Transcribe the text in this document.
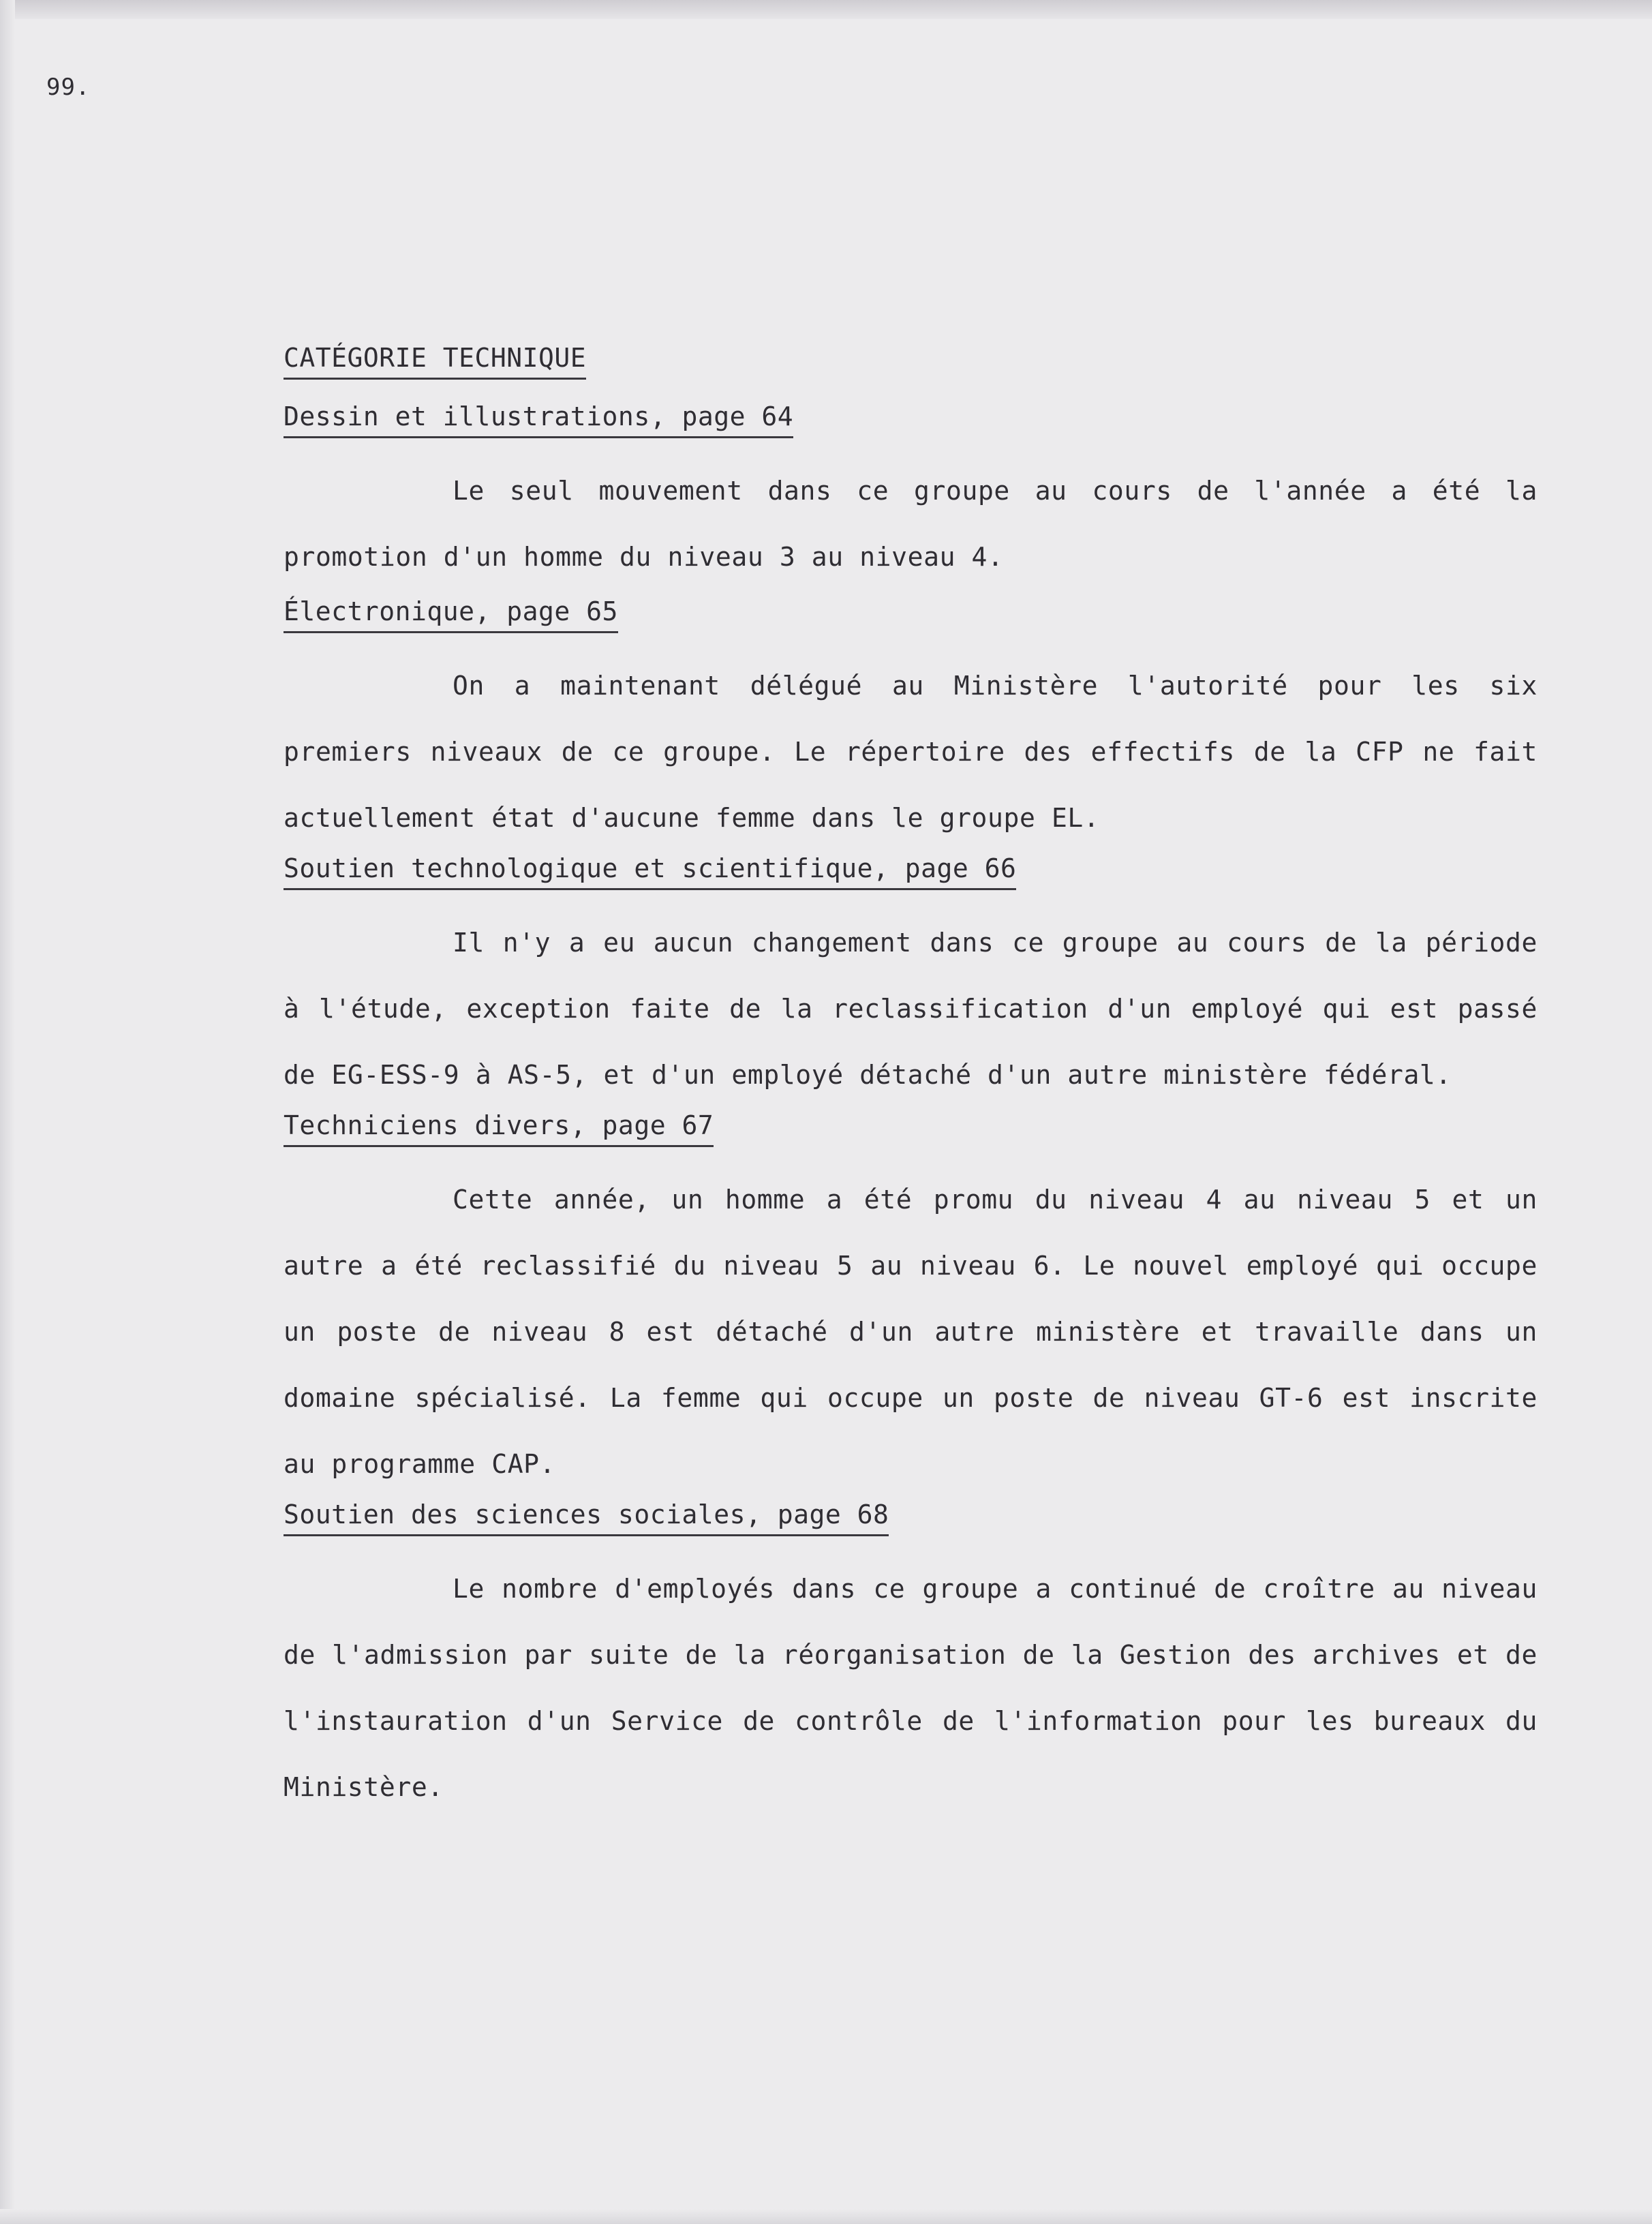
99.
CATÉGORIE TECHNIQUE
Dessin et illustrations, page 64

Le seul mouvement dans ce groupe au cours de l'année a été la promotion d'un homme du niveau 3 au niveau 4.

Électronique, page 65

On a maintenant délégué au Ministère l'autorité pour les six premiers niveaux de ce groupe. Le répertoire des effectifs de la CFP ne fait actuellement état d'aucune femme dans le groupe EL.

Soutien technologique et scientifique, page 66

Il n'y a eu aucun changement dans ce groupe au cours de la période à l'étude, exception faite de la reclassification d'un employé qui est passé de EG-ESS-9 à AS-5, et d'un employé détaché d'un autre ministère fédéral.

Techniciens divers, page 67

Cette année, un homme a été promu du niveau 4 au niveau 5 et un autre a été reclassifié du niveau 5 au niveau 6. Le nouvel employé qui occupe un poste de niveau 8 est détaché d'un autre ministère et travaille dans un domaine spécialisé. La femme qui occupe un poste de niveau GT-6 est inscrite au programme CAP.

Soutien des sciences sociales, page 68

Le nombre d'employés dans ce groupe a continué de croître au niveau de l'admission par suite de la réorganisation de la Gestion des archives et de l'instauration d'un Service de contrôle de l'information pour les bureaux du Ministère.
